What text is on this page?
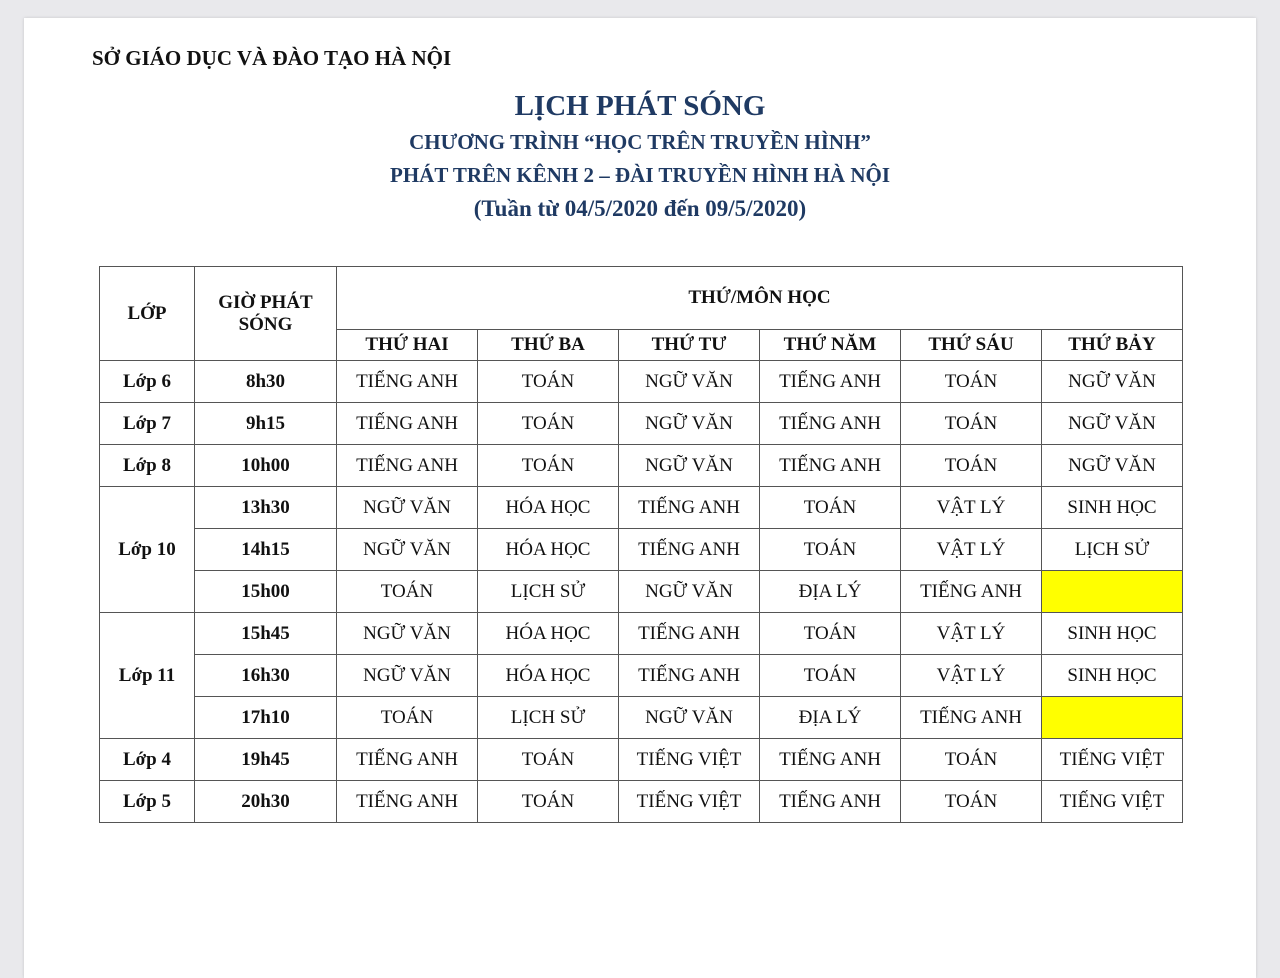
SỞ GIÁO DỤC VÀ ĐÀO TẠO HÀ NỘI
LỊCH PHÁT SÓNG
CHƯƠNG TRÌNH “HỌC TRÊN TRUYỀN HÌNH”
PHÁT TRÊN KÊNH 2 – ĐÀI TRUYỀN HÌNH HÀ NỘI
(Tuần từ 04/5/2020 đến 09/5/2020)
LỚP	GIỜ PHÁT SÓNG	THỨ/MÔN HỌC					
		THỨ HAI	THỨ BA	THỨ TƯ	THỨ NĂM	THỨ SÁU	THỨ BẢY
Lớp 6	8h30	TIẾNG ANH	TOÁN	NGỮ VĂN	TIẾNG ANH	TOÁN	NGỮ VĂN
Lớp 7	9h15	TIẾNG ANH	TOÁN	NGỮ VĂN	TIẾNG ANH	TOÁN	NGỮ VĂN
Lớp 8	10h00	TIẾNG ANH	TOÁN	NGỮ VĂN	TIẾNG ANH	TOÁN	NGỮ VĂN
Lớp 10	13h30	NGỮ VĂN	HÓA HỌC	TIẾNG ANH	TOÁN	VẬT LÝ	SINH HỌC
	14h15	NGỮ VĂN	HÓA HỌC	TIẾNG ANH	TOÁN	VẬT LÝ	LỊCH SỬ
	15h00	TOÁN	LỊCH SỬ	NGỮ VĂN	ĐỊA LÝ	TIẾNG ANH	
Lớp 11	15h45	NGỮ VĂN	HÓA HỌC	TIẾNG ANH	TOÁN	VẬT LÝ	SINH HỌC
	16h30	NGỮ VĂN	HÓA HỌC	TIẾNG ANH	TOÁN	VẬT LÝ	SINH HỌC
	17h10	TOÁN	LỊCH SỬ	NGỮ VĂN	ĐỊA LÝ	TIẾNG ANH	
Lớp 4	19h45	TIẾNG ANH	TOÁN	TIẾNG VIỆT	TIẾNG ANH	TOÁN	TIẾNG VIỆT
Lớp 5	20h30	TIẾNG ANH	TOÁN	TIẾNG VIỆT	TIẾNG ANH	TOÁN	TIẾNG VIỆT
